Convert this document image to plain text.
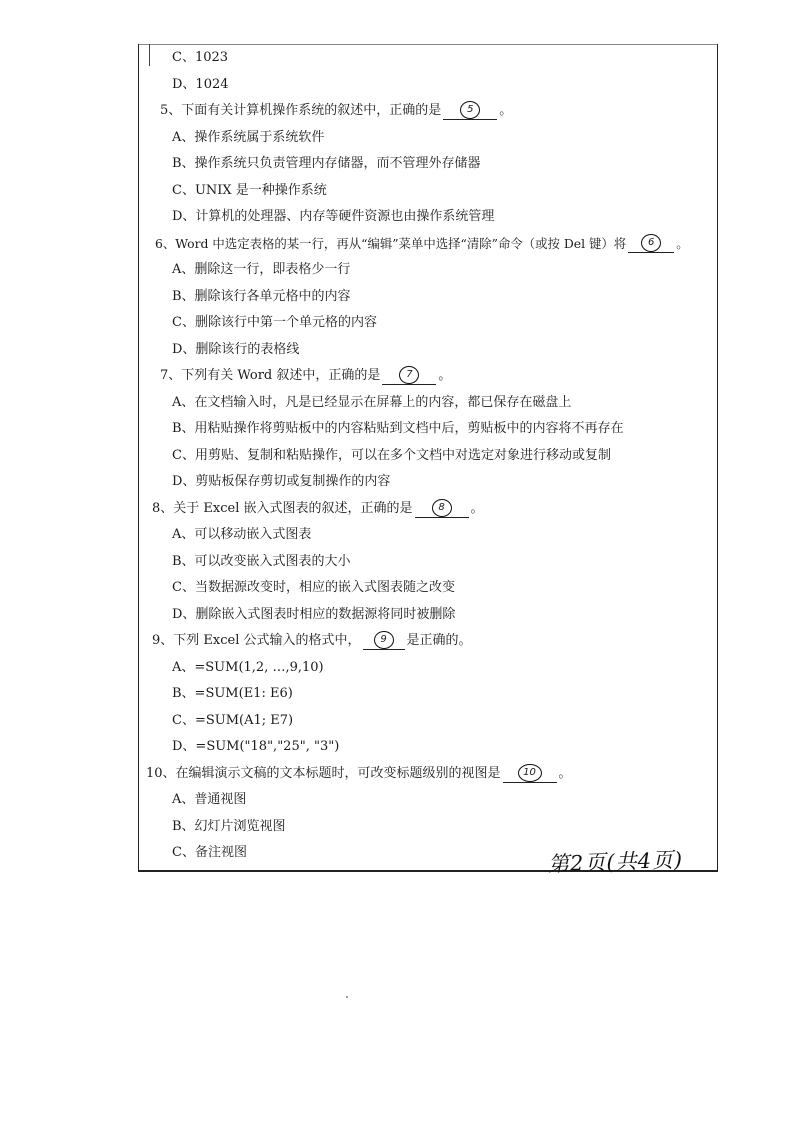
C、1023
D、1024
5、下面有关计算机操作系统的叙述中，正确的是	5	。
A、操作系统属于系统软件
B、操作系统只负责管理内存储器，而不管理外存储器
C、UNIX 是一种操作系统
D、计算机的处理器、内存等硬件资源也由操作系统管理
6、Word 中选定表格的某一行，再从“编辑”菜单中选择“清除”命令（或按 Del 键）将	6	。
A、删除这一行，即表格少一行
B、删除该行各单元格中的内容
C、删除该行中第一个单元格的内容
D、删除该行的表格线
7、下列有关 Word 叙述中，正确的是	7	。
A、在文档输入时，凡是已经显示在屏幕上的内容，都已保存在磁盘上
B、用粘贴操作将剪贴板中的内容粘贴到文档中后，剪贴板中的内容将不再存在
C、用剪贴、复制和粘贴操作，可以在多个文档中对选定对象进行移动或复制
D、剪贴板保存剪切或复制操作的内容
8、关于 Excel 嵌入式图表的叙述，正确的是	8	。
A、可以移动嵌入式图表
B、可以改变嵌入式图表的大小
C、当数据源改变时，相应的嵌入式图表随之改变
D、删除嵌入式图表时相应的数据源将同时被删除
9、下列 Excel 公式输入的格式中，	9	是正确的。
A、=SUM(1,2, …,9,10)
B、=SUM(E1: E6)
C、=SUM(A1; E7)
D、=SUM("18","25", "3")
10、在编辑演示文稿的文本标题时，可改变标题级别的视图是	10	。
A、普通视图
B、幻灯片浏览视图
C、备注视图	第2页(共4页)
